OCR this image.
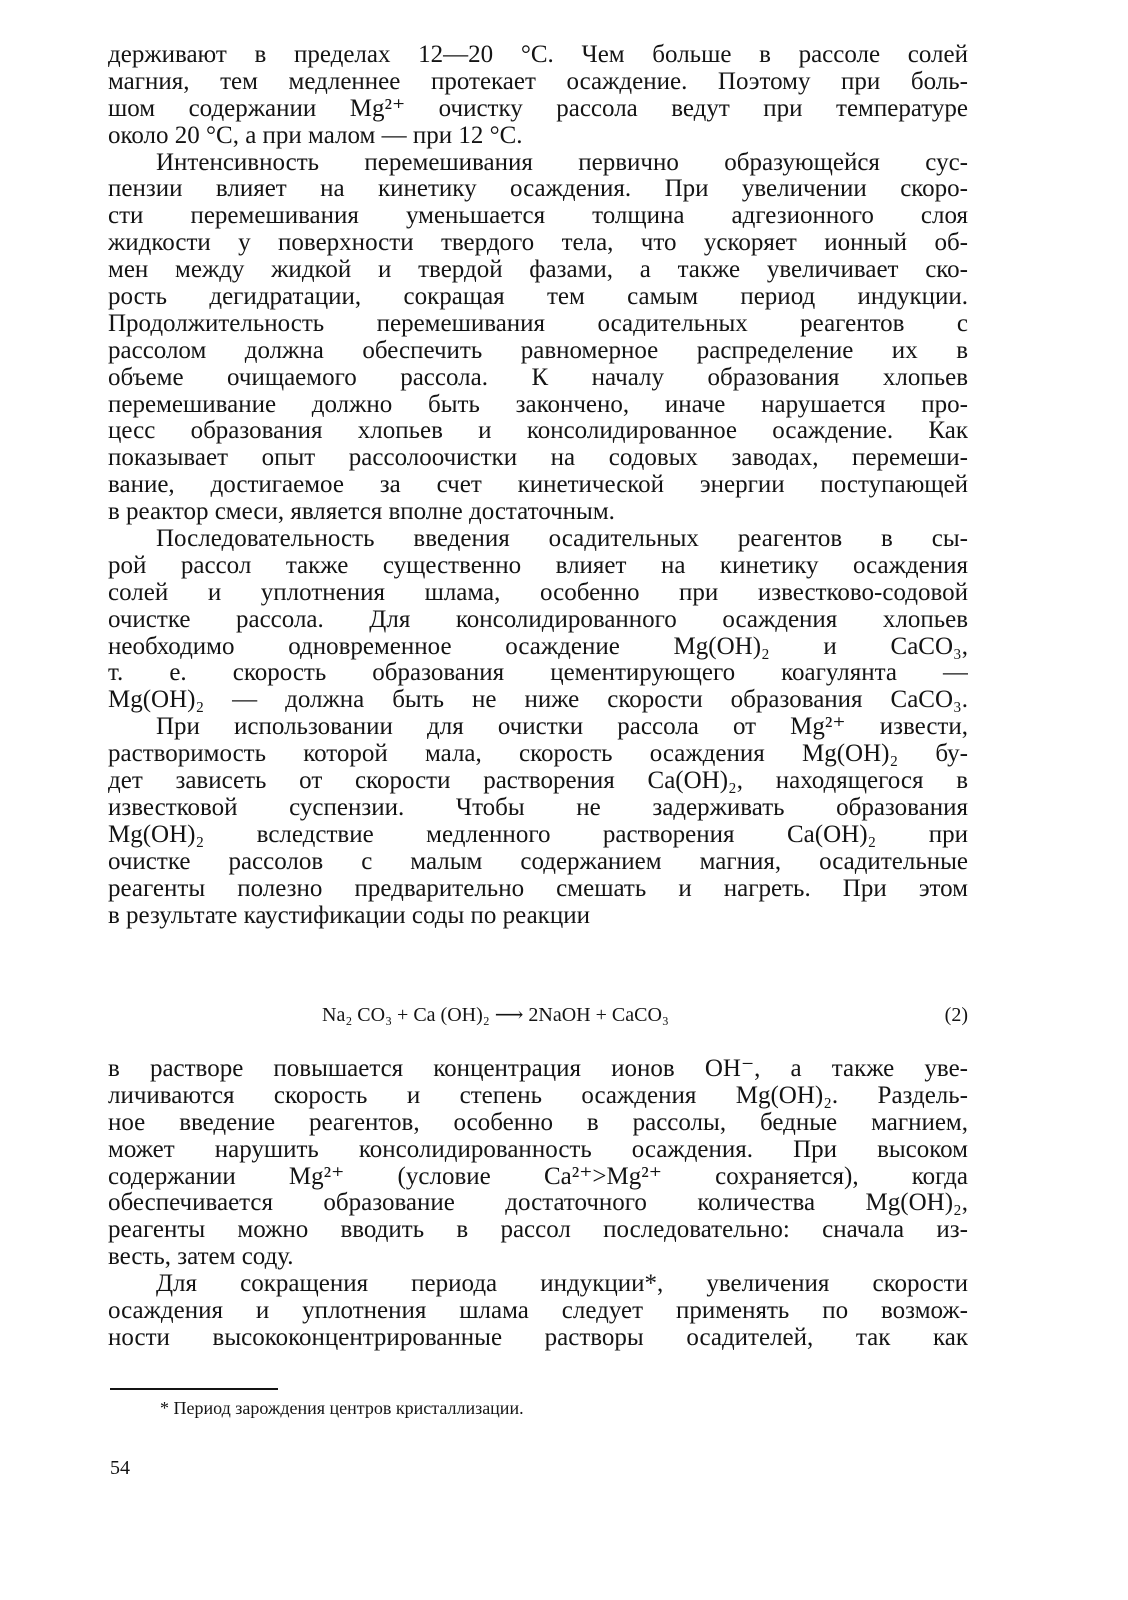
держивают в пределах 12—20 °С. Чем больше в рассоле солей
магния, тем медленнее протекает осаждение. Поэтому при боль-
шом содержании Mg²⁺ очистку рассола ведут при температуре
около 20 °С, а при малом — при 12 °С.
Интенсивность перемешивания первично образующейся сус-
пензии влияет на кинетику осаждения. При увеличении скоро-
сти перемешивания уменьшается толщина адгезионного слоя
жидкости у поверхности твердого тела, что ускоряет ионный об-
мен между жидкой и твердой фазами, а также увеличивает ско-
рость дегидратации, сокращая тем самым период индукции.
Продолжительность перемешивания осадительных реагентов с
рассолом должна обеспечить равномерное распределение их в
объеме очищаемого рассола. К началу образования хлопьев
перемешивание должно быть закончено, иначе нарушается про-
цесс образования хлопьев и консолидированное осаждение. Как
показывает опыт рассолоочистки на содовых заводах, перемеши-
вание, достигаемое за счет кинетической энергии поступающей
в реактор смеси, является вполне достаточным.
Последовательность введения осадительных реагентов в сы-
рой рассол также существенно влияет на кинетику осаждения
солей и уплотнения шлама, особенно при известково-содовой
очистке рассола. Для консолидированного осаждения хлопьев
необходимо одновременное осаждение Mg(OH)₂ и CaCO₃,
т. е. скорость образования цементирующего коагулянта —
Mg(OH)₂ — должна быть не ниже скорости образования CaCO₃.
При использовании для очистки рассола от Mg²⁺ извести,
растворимость которой мала, скорость осаждения Mg(OH)₂ бу-
дет зависеть от скорости растворения Ca(OH)₂, находящегося в
известковой суспензии. Чтобы не задерживать образования
Mg(OH)₂ вследствие медленного растворения Ca(OH)₂ при
очистке рассолов с малым содержанием магния, осадительные
реагенты полезно предварительно смешать и нагреть. При этом
в результате каустификации соды по реакции
Na₂ CO₃ + Ca (OH)₂ ⟶ 2NaOH + CaCO₃	(2)
в растворе повышается концентрация ионов OH⁻, а также уве-
личиваются скорость и степень осаждения Mg(OH)₂. Раздель-
ное введение реагентов, особенно в рассолы, бедные магнием,
может нарушить консолидированность осаждения. При высоком
содержании Mg²⁺ (условие Ca²⁺>Mg²⁺ сохраняется), когда
обеспечивается образование достаточного количества Mg(OH)₂,
реагенты можно вводить в рассол последовательно: сначала из-
весть, затем соду.
Для сокращения периода индукции*, увеличения скорости
осаждения и уплотнения шлама следует применять по возмож-
ности высококонцентрированные растворы осадителей, так как
* Период зарождения центров кристаллизации.
54
